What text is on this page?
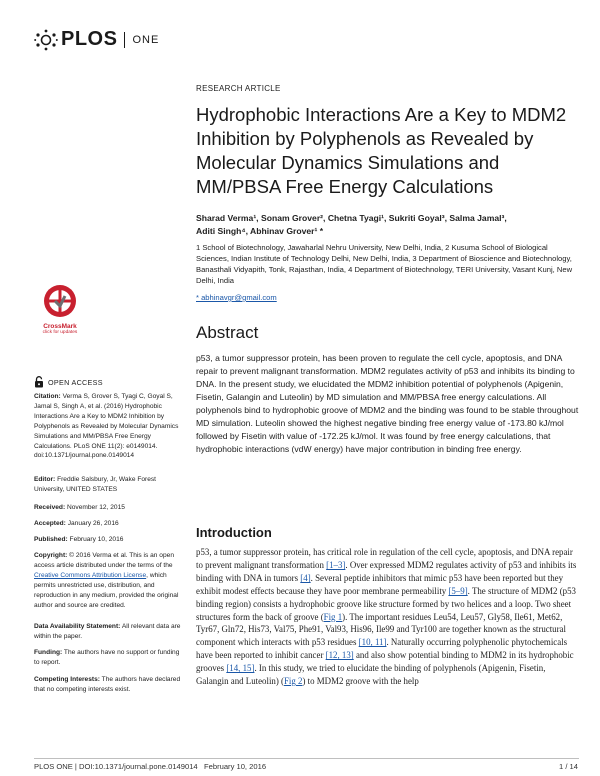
PLOS ONE
RESEARCH ARTICLE
Hydrophobic Interactions Are a Key to MDM2 Inhibition by Polyphenols as Revealed by Molecular Dynamics Simulations and MM/PBSA Free Energy Calculations
Sharad Verma¹, Sonam Grover², Chetna Tyagi¹, Sukriti Goyal³, Salma Jamal³,
Aditi Singh⁴, Abhinav Grover¹ *
1 School of Biotechnology, Jawaharlal Nehru University, New Delhi, India, 2 Kusuma School of Biological Sciences, Indian Institute of Technology Delhi, New Delhi, India, 3 Department of Bioscience and Biotechnology, Banasthali Vidyapith, Tonk, Rajasthan, India, 4 Department of Biotechnology, TERI University, Vasant Kunj, New Delhi, India
* abhinavgr@gmail.com
Abstract
p53, a tumor suppressor protein, has been proven to regulate the cell cycle, apoptosis, and DNA repair to prevent malignant transformation. MDM2 regulates activity of p53 and inhibits its binding to DNA. In the present study, we elucidated the MDM2 inhibition potential of polyphenols (Apigenin, Fisetin, Galangin and Luteolin) by MD simulation and MM/PBSA free energy calculations. All polyphenols bind to hydrophobic groove of MDM2 and the binding was found to be stable throughout MD simulation. Luteolin showed the highest negative binding free energy value of -173.80 kJ/mol followed by Fisetin with value of -172.25 kJ/mol. It was found by free energy calculations, that hydrophobic interactions (vdW energy) have major contribution in binding free energy.
Introduction
p53, a tumor suppressor protein, has critical role in regulation of the cell cycle, apoptosis, and DNA repair to prevent malignant transformation [1–3]. Over expressed MDM2 regulates activity of p53 and inhibits its binding with DNA in tumors [4]. Several peptide inhibitors that mimic p53 have been reported but they exhibit modest effects because they have poor membrane permeability [5–9]. The structure of MDM2 (p53 binding region) consists a hydrophobic groove like structure formed by two helices and a loop. Two sheet structures form the back of groove (Fig 1). The important residues Leu54, Leu57, Gly58, Ile61, Met62, Tyr67, Gln72, His73, Val75, Phe91, Val93, His96, Ile99 and Tyr100 are together known as the structural component which interacts with p53 residues [10, 11]. Naturally occurring polyphenolic phytochemicals have been reported to inhibit cancer [12, 13] and also show potential binding to MDM2 in its hydrophobic grooves [14, 15]. In this study, we tried to elucidate the binding of polyphenols (Apigenin, Fisetin, Galangin and Luteolin) (Fig 2) to MDM2 groove with the help
CrossMark
click for updates
OPEN ACCESS
Citation: Verma S, Grover S, Tyagi C, Goyal S, Jamal S, Singh A, et al. (2016) Hydrophobic Interactions Are a Key to MDM2 Inhibition by Polyphenols as Revealed by Molecular Dynamics Simulations and MM/PBSA Free Energy Calculations. PLoS ONE 11(2): e0149014. doi:10.1371/journal.pone.0149014
Editor: Freddie Salsbury, Jr, Wake Forest University, UNITED STATES
Received: November 12, 2015
Accepted: January 26, 2016
Published: February 10, 2016
Copyright: © 2016 Verma et al. This is an open access article distributed under the terms of the Creative Commons Attribution License, which permits unrestricted use, distribution, and reproduction in any medium, provided the original author and source are credited.
Data Availability Statement: All relevant data are within the paper.
Funding: The authors have no support or funding to report.
Competing Interests: The authors have declared that no competing interests exist.
PLOS ONE | DOI:10.1371/journal.pone.0149014   February 10, 2016	1 / 14
